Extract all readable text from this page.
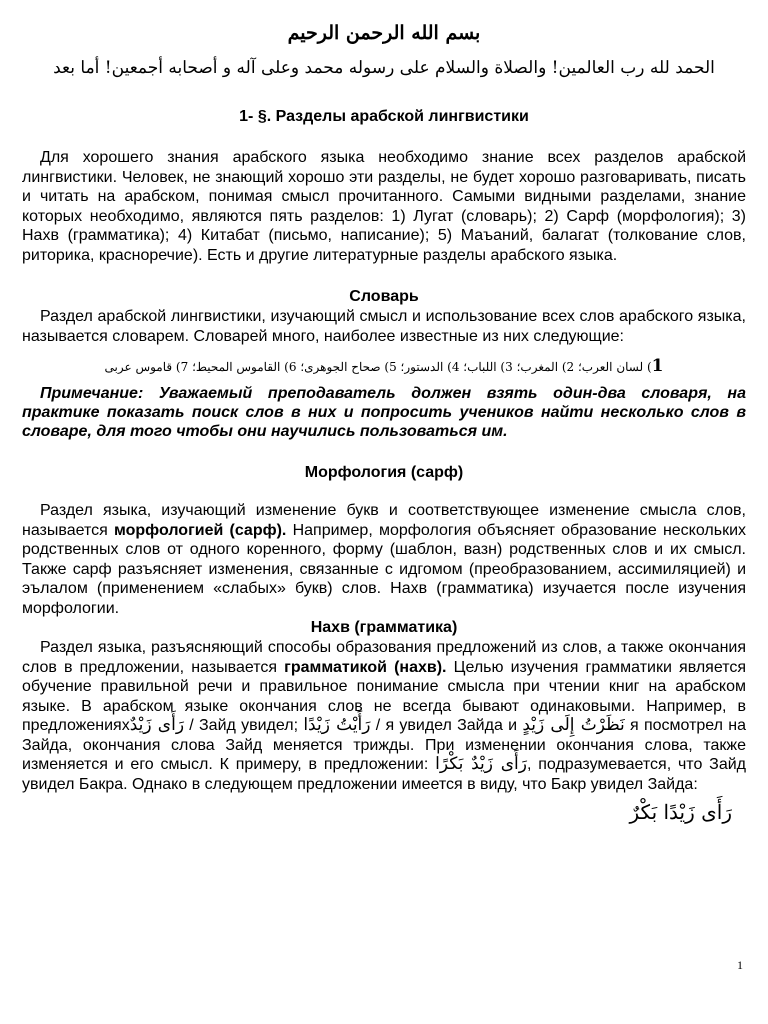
بسم الله الرحمن الرحيم
الحمد لله رب العالمين! والصلاة والسلام على رسوله محمد وعلى آله و أصحابه أجمعين! أما بعد
1- §. Разделы арабской лингвистики

Для хорошего знания арабского языка необходимо знание всех разделов арабской лингвистики. Человек, не знающий хорошо эти разделы, не будет хорошо разговаривать, писать и читать на арабском, понимая смысл прочитанного. Самыми видными разделами, знание которых необходимо, являются пять разделов: 1) Лугат (словарь); 2) Сарф (морфология); 3) Нахв (грамматика); 4) Китабат (письмо, написание); 5) Маъаний, балагат (толкование слов, риторика, красноречие). Есть и другие литературные разделы арабского языка.

Словарь

Раздел арабской лингвистики, изучающий смысл и использование всех слов арабского языка, называется словарем. Словарей много, наиболее известные из них следующие:

1) لسان العرب؛ 2) المغرب؛ 3) اللباب؛ 4) الدستور؛ 5) صحاح الجوهرى؛ 6) القاموس المحيط؛ 7) قاموس عربى

Примечание: Уважаемый преподаватель должен взять один-два словаря, на практике показать поиск слов в них и попросить учеников найти несколько слов в словаре, для того чтобы они научились пользоваться им.

Морфология (сарф)

Раздел языка, изучающий изменение букв и соответствующее изменение смысла слов, называется морфологией (сарф). Например, морфология объясняет образование нескольких родственных слов от одного коренного, форму (шаблон, вазн) родственных слов и их смысл. Также сарф разъясняет изменения, связанные с идгомом (преобразованием, ассимиляцией) и эълалом (применением «слабых» букв) слов. Нахв (грамматика) изучается после изучения морфологии.

Нахв (грамматика)

Раздел языка, разъясняющий способы образования предложений из слов, а также окончания слов в предложении, называется грамматикой (нахв). Целью изучения грамматики является обучение правильной речи и правильное понимание смысла при чтении книг на арабском языке. В арабском языке окончания слов не всегда бывают одинаковыми. Например, в предложенияхرَأَى زَيْدٌ / Зайд увидел; رَأَيْتُ زَيْدًا / я увидел Зайда и نَظَرْتُ إِلَى زَيْدٍ я посмотрел на Зайда, окончания слова Зайд меняется трижды. При изменении окончания слова, также изменяется и его смысл. К примеру, в предложении: رَأَى زَيْدٌ بَكْرًا, подразумевается, что Зайд увидел Бакра. Однако в следующем предложении имеется в виду, что Бакр увидел Зайда:

رَأَى زَيْدًا بَكْرٌ
1
